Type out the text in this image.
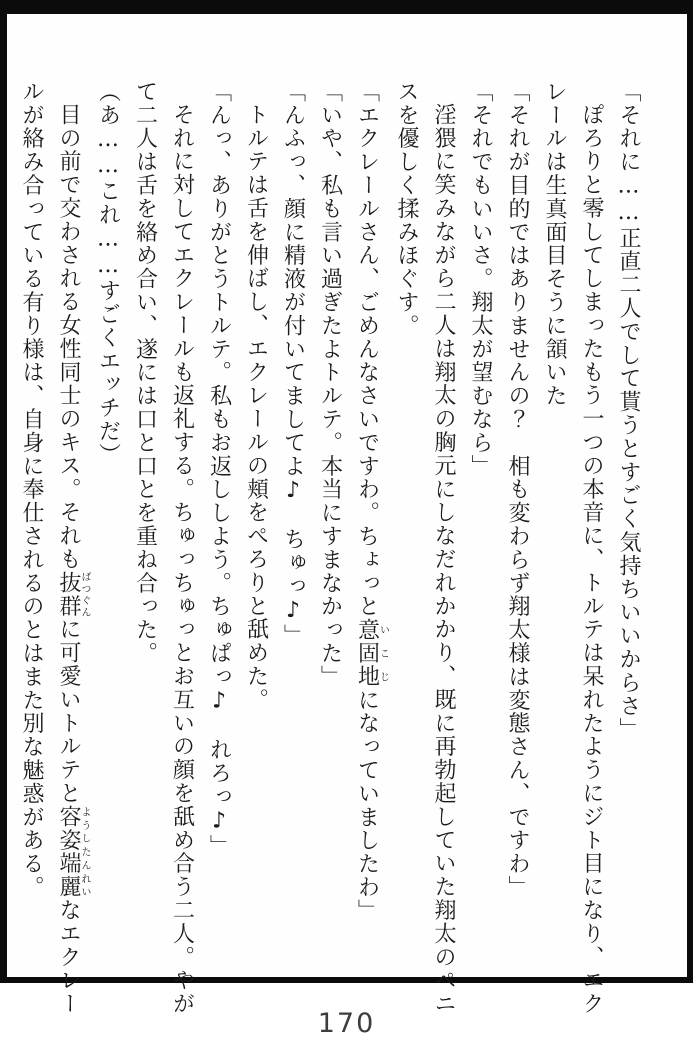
「それに……正直二人でして貰うとすごく気持ちいいからさ」

ぽろりと零してしまったもう一つの本音に、トルテは呆れたようにジト目になり、エク

レールは生真面目そうに頷いた

「それが目的ではありませんの？　相も変わらず翔太様は変態さん、ですわ」

「それでもいいさ。翔太が望むなら」

淫猥に笑みながら二人は翔太の胸元にしなだれかかり、既に再勃起していた翔太のペニ

スを優しく揉みほぐす。

「エクレールさん、ごめんなさいですわ。ちょっと意固地いこじになっていましたわ」

「いや、私も言い過ぎたよトルテ。本当にすまなかった」

「んふっ、顔に精液が付いてましてよ♪　ちゅっ♪」

トルテは舌を伸ばし、エクレールの頬をぺろりと舐めた。

「んっ、ありがとうトルテ。私もお返ししよう。ちゅぱっ♪　れろっ♪」

それに対してエクレールも返礼する。ちゅっちゅっとお互いの顔を舐め合う二人。やが

て二人は舌を絡め合い、遂には口と口とを重ね合った。

（あ……これ……すごくエッチだ）

目の前で交わされる女性同士のキス。それも抜群ばつぐんに可愛いトルテと容姿端麗ようしたんれいなエクレー

ルが絡み合っている有り様は、自身に奉仕されるのとはまた別な魅惑がある。

170
